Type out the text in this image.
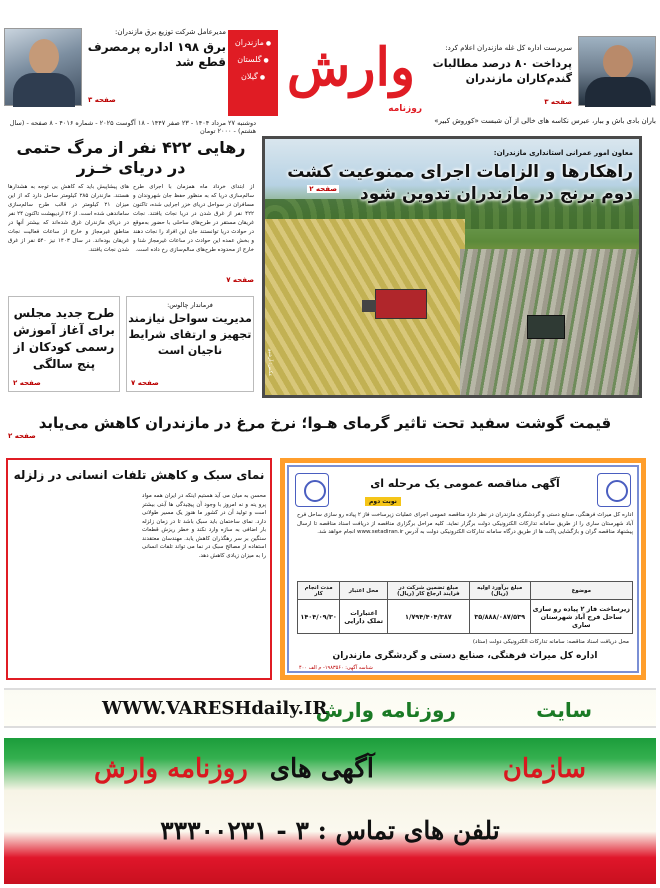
مدیرعامل شرکت توزیع برق مازندران:
برق ۱۹۸ اداره پرمصرف قطع شد
صفحه ۳
● مازندران
● گلستان
● گیلان وارش
روزنامه
سرپرست اداره کل غله مازندران اعلام کرد:
پرداخت ۸۰ درصد مطالبات گندم‌کاران مازندران
صفحه ۳
باران بادی باش و ببار، عبرس نکاسه های خالی از آن شبست «کوروش کبیر»
دوشنبه ۲۷ مرداد ۱۴۰۴ - ۲۳ صفر ۱۴۴۷ - ۱۸ آگوست ۲۰۲۵ - شماره ۴۰۱۶ - ۸ صفحه - (سال هشتم) - ۲۰۰۰ تومان
رهایی ۴۲۲ نفر از مرگ حتمی در دریای خـزر
از ابتدای خرداد ماه همزمان با اجرای طرح سالم‌سازی دریا که به منظور حفظ جان شهروندان و مسافران در سواحل دریای خزر اجرایی شده، تاکنون ۴۲۲ نفر از غرق شدن در دریا نجات یافتند. نجات غریقان مستقر در طرح‌های ساحلی با حضور به‌موقع در حوادث دریا توانستند جان این افراد را نجات دهند و بخش عمده این حوادث در ساعات غیرمجاز شنا و خارج از محدوده طرح‌های سالم‌سازی رخ داده است.
های پیشاپیش باید که کاهش بی توجه به هشدارها هستند. مازندران ۲۸۵ کیلومتر ساحل دارد که از این میزان ۲۱ کیلومتر در قالب طرح سالم‌سازی ساماندهی شده است. از ۲۶ اردیبهشت تاکنون ۲۴ نفر در دریای مازندران غرق شده‌اند که بیشتر آنها در مناطق غیرمجاز و خارج از ساعات فعالیت نجات غریقان بوده‌اند. در سال ۱۴۰۳ نیز ۵۴۰ نفر از غرق شدن نجات یافتند.
صفحه ۷
طرح جدید مجلس برای آغاز آموزش رسمی کودکان از پنج سالگی
صفحه ۲
فرماندار چالوس:
مدیریت سواحل نیازمند تجهیز و ارتقای شرایط ناجیان است
صفحه ۷
عکس: آرشیو
معاون امور عمرانی استانداری مازندران:
راهکارها و الزامات اجرای ممنوعیت کشت دوم برنج در مازندران تدوین شود
صفحه ۲
قیمت گوشت سفید تحت تاثیر گرمای هـوا؛ نرخ مرغ در مازندران کاهش می‌یابد
صفحه ۲
نمای سبک و کاهش تلفات انسانی در زلزله
محسن به میان می آید هستیم اینکه در ایران همه مواد پرو ینه و نه امروز با وجود آن پیچیدگی ها آبتی بیشتر است و تولید آن در کشور ما هنوز یک مسیر طولانی دارد. نمای ساختمان باید سبک باشد تا در زمان زلزله بار اضافی به سازه وارد نکند و خطر ریزش قطعات سنگین بر سر رهگذران کاهش یابد. مهندسان معتقدند استفاده از مصالح سبک در نما می تواند تلفات انسانی را به میزان زیادی کاهش دهد.
آگهی مناقصه عمومی یک مرحله ای
نوبت دوم
اداره کل میراث فرهنگی، صنایع دستی و گردشگری مازندران در نظر دارد مناقصه عمومی اجرای عملیات زیرساخت فاز ۲ پیاده رو سازی ساحل فرح آباد شهرستان ساری را از طریق سامانه تدارکات الکترونیکی دولت برگزار نماید. کلیه مراحل برگزاری مناقصه از دریافت اسناد مناقصه تا ارسال پیشنهاد مناقصه گران و بازگشایی پاکت ها از طریق درگاه سامانه تدارکات الکترونیکی دولت به آدرس www.setadiran.ir انجام خواهد شد.
موضوع	مبلغ برآورد اولیه (ریال)	مبلغ تضمین شرکت در فرایند ارجاع کار (ریال)	محل اعتبار	مدت انجام کار
زیرساخت فاز ۲ پیاده رو سازی ساحل فرح آباد شهرستان ساری	۳۵/۸۸۸/۰۸۷/۵۳۹	۱/۷۹۴/۴۰۴/۳۸۷	اعتبارات تملک دارایی	۱۴۰۴/۰۹/۳۰
محل دریافت اسناد مناقصه: سامانه تدارکات الکترونیکی دولت (ستاد)
اداره کل میراث فرهنگی، صنایع دستی و گردشگری مازندران
شناسه آگهی: ۱۹۸۳۵۶۰- م الف ۴۰۰
سایت
روزنامه وارش
WWW.VARESHdaily.IR
سازمان
آگهی های
روزنامه وارش
تلفن های تماس : ۳ - ۳۳۳۰۰۲۳۱
